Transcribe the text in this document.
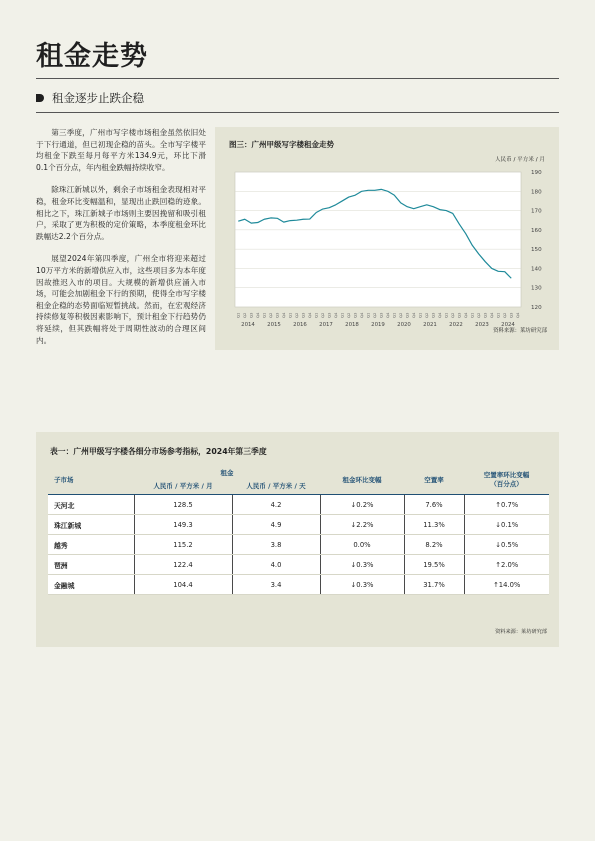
租金走势
租金逐步止跌企稳

第三季度，广州市写字楼市场租金虽然依旧处于下行通道，但已初现企稳的苗头。全市写字楼平均租金下跌至每月每平方米134.9元，环比下滑0.1个百分点，年内租金跌幅持续收窄。

除珠江新城以外，剩余子市场租金表现相对平稳，租金环比变幅温和，显现出止跌回稳的迹象。相比之下，珠江新城子市场则主要因挽留和吸引租户，采取了更为积极的定价策略，本季度租金环比跌幅达2.2个百分点。

展望2024年第四季度，广州全市将迎来超过10万平方米的新增供应入市，这些项目多为本年度因故推迟入市的项目。大规模的新增供应涌入市场，可能会加剧租金下行的预期，使得全市写字楼租金企稳的态势面临短暂挑战。然而，在宏观经济持续修复等积极因素影响下，预计租金下行趋势仍将延续，但其跌幅将处于周期性波动的合理区间内。

120
130
140
150
160
170
180
190
Q1 Q2 Q3 Q4 Q1 Q2 Q3 Q4 Q1 Q2 Q3 Q4 Q1 Q2 Q3 Q4 Q1 Q2 Q3 Q4 Q1 Q2 Q3 Q4 Q1 Q2 Q3 Q4 Q1 Q2 Q3 Q4 Q1 Q2 Q3 Q4 Q1 Q2 Q3 Q4 Q1 Q2 Q3 Q4
2014 2015 2016 2017 2018 2019 2020 2021 2022 2023 2024
图三：广州甲级写字楼租金走势
人民币 / 平方米 / 月
资料来源：莱坊研究部
表一：广州甲级写字楼各细分市场参考指标，2024年第三季度
子市场	租金		租金环比变幅	空置率	空置率环比变幅
（百分点）
	人民币 / 平方米 / 月	人民币 / 平方米 / 天			
天河北	128.5	4.2	↓0.2%	7.6%	↑0.7%
珠江新城	149.3	4.9	↓2.2%	11.3%	↓0.1%
越秀	115.2	3.8	0.0%	8.2%	↓0.5%
琶洲	122.4	4.0	↓0.3%	19.5%	↑2.0%
金融城	104.4	3.4	↓0.3%	31.7%	↑14.0%
资料来源：莱坊研究部
